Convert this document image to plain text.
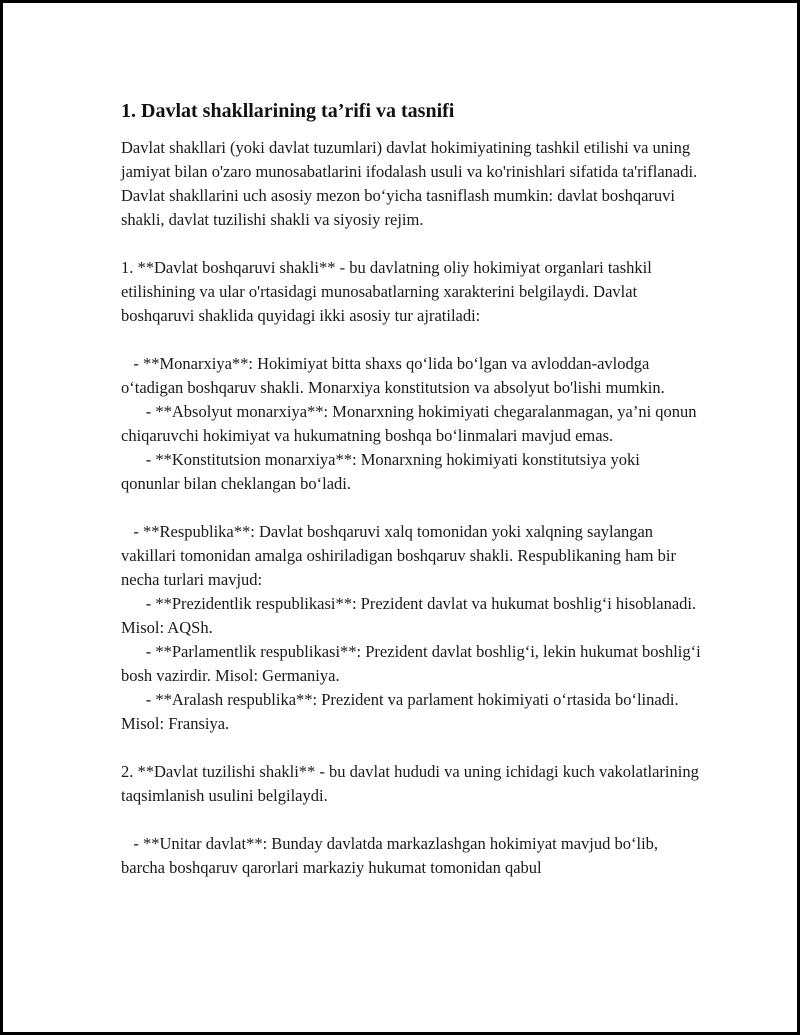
1. Davlat shakllarining ta’rifi va tasnifi

Davlat shakllari (yoki davlat tuzumlari) davlat hokimiyatining tashkil etilishi va uning jamiyat bilan o'zaro munosabatlarini ifodalash usuli va ko'rinishlari sifatida ta'riflanadi. Davlat shakllarini uch asosiy mezon bo‘yicha tasniflash mumkin: davlat boshqaruvi shakli, davlat tuzilishi shakli va siyosiy rejim.

1. **Davlat boshqaruvi shakli** - bu davlatning oliy hokimiyat organlari tashkil etilishining va ular o'rtasidagi munosabatlarning xarakterini belgilaydi. Davlat boshqaruvi shaklida quyidagi ikki asosiy tur ajratiladi:

- **Monarxiya**: Hokimiyat bitta shaxs qo‘lida bo‘lgan va avloddan-avlodga o‘tadigan boshqaruv shakli. Monarxiya konstitutsion va absolyut bo'lishi mumkin.
- **Absolyut monarxiya**: Monarxning hokimiyati chegaralanmagan, ya’ni qonun chiqaruvchi hokimiyat va hukumatning boshqa bo‘linmalari mavjud emas.
- **Konstitutsion monarxiya**: Monarxning hokimiyati konstitutsiya yoki qonunlar bilan cheklangan bo‘ladi.

- **Respublika**: Davlat boshqaruvi xalq tomonidan yoki xalqning saylangan vakillari tomonidan amalga oshiriladigan boshqaruv shakli. Respublikaning ham bir necha turlari mavjud:
- **Prezidentlik respublikasi**: Prezident davlat va hukumat boshlig‘i hisoblanadi. Misol: AQSh.
- **Parlamentlik respublikasi**: Prezident davlat boshlig‘i, lekin hukumat boshlig‘i bosh vazirdir. Misol: Germaniya.
- **Aralash respublika**: Prezident va parlament hokimiyati o‘rtasida bo‘linadi. Misol: Fransiya.

2. **Davlat tuzilishi shakli** - bu davlat hududi va uning ichidagi kuch vakolatlarining taqsimlanish usulini belgilaydi.

- **Unitar davlat**: Bunday davlatda markazlashgan hokimiyat mavjud bo‘lib, barcha boshqaruv qarorlari markaziy hukumat tomonidan qabul
